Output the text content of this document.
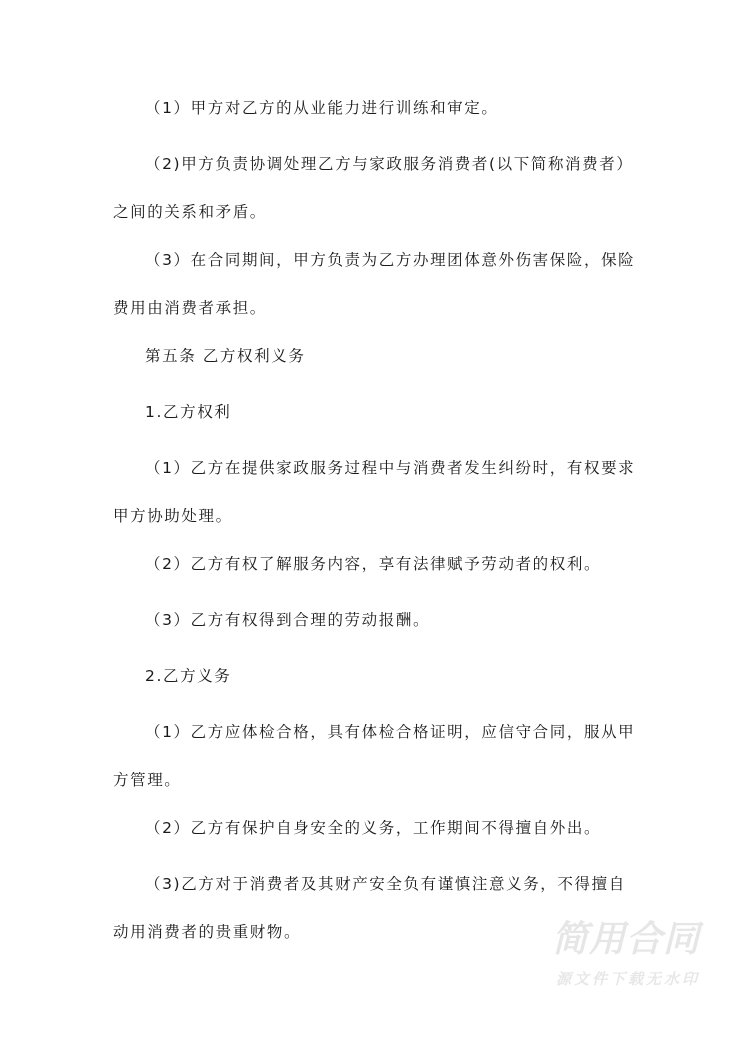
（1）甲方对乙方的从业能力进行训练和审定。
（2)甲方负责协调处理乙方与家政服务消费者(以下简称消费者）
之间的关系和矛盾。
（3）在合同期间，甲方负责为乙方办理团体意外伤害保险，保险
费用由消费者承担。
第五条 乙方权利义务
1.乙方权利
（1）乙方在提供家政服务过程中与消费者发生纠纷时，有权要求
甲方协助处理。
（2）乙方有权了解服务内容，享有法律赋予劳动者的权利。
（3）乙方有权得到合理的劳动报酬。
2.乙方义务
（1）乙方应体检合格，具有体检合格证明，应信守合同，服从甲
方管理。
（2）乙方有保护自身安全的义务，工作期间不得擅自外出。
（3)乙方对于消费者及其财产安全负有谨慎注意义务，不得擅自
动用消费者的贵重财物。	简用合同
源文件下载无水印
